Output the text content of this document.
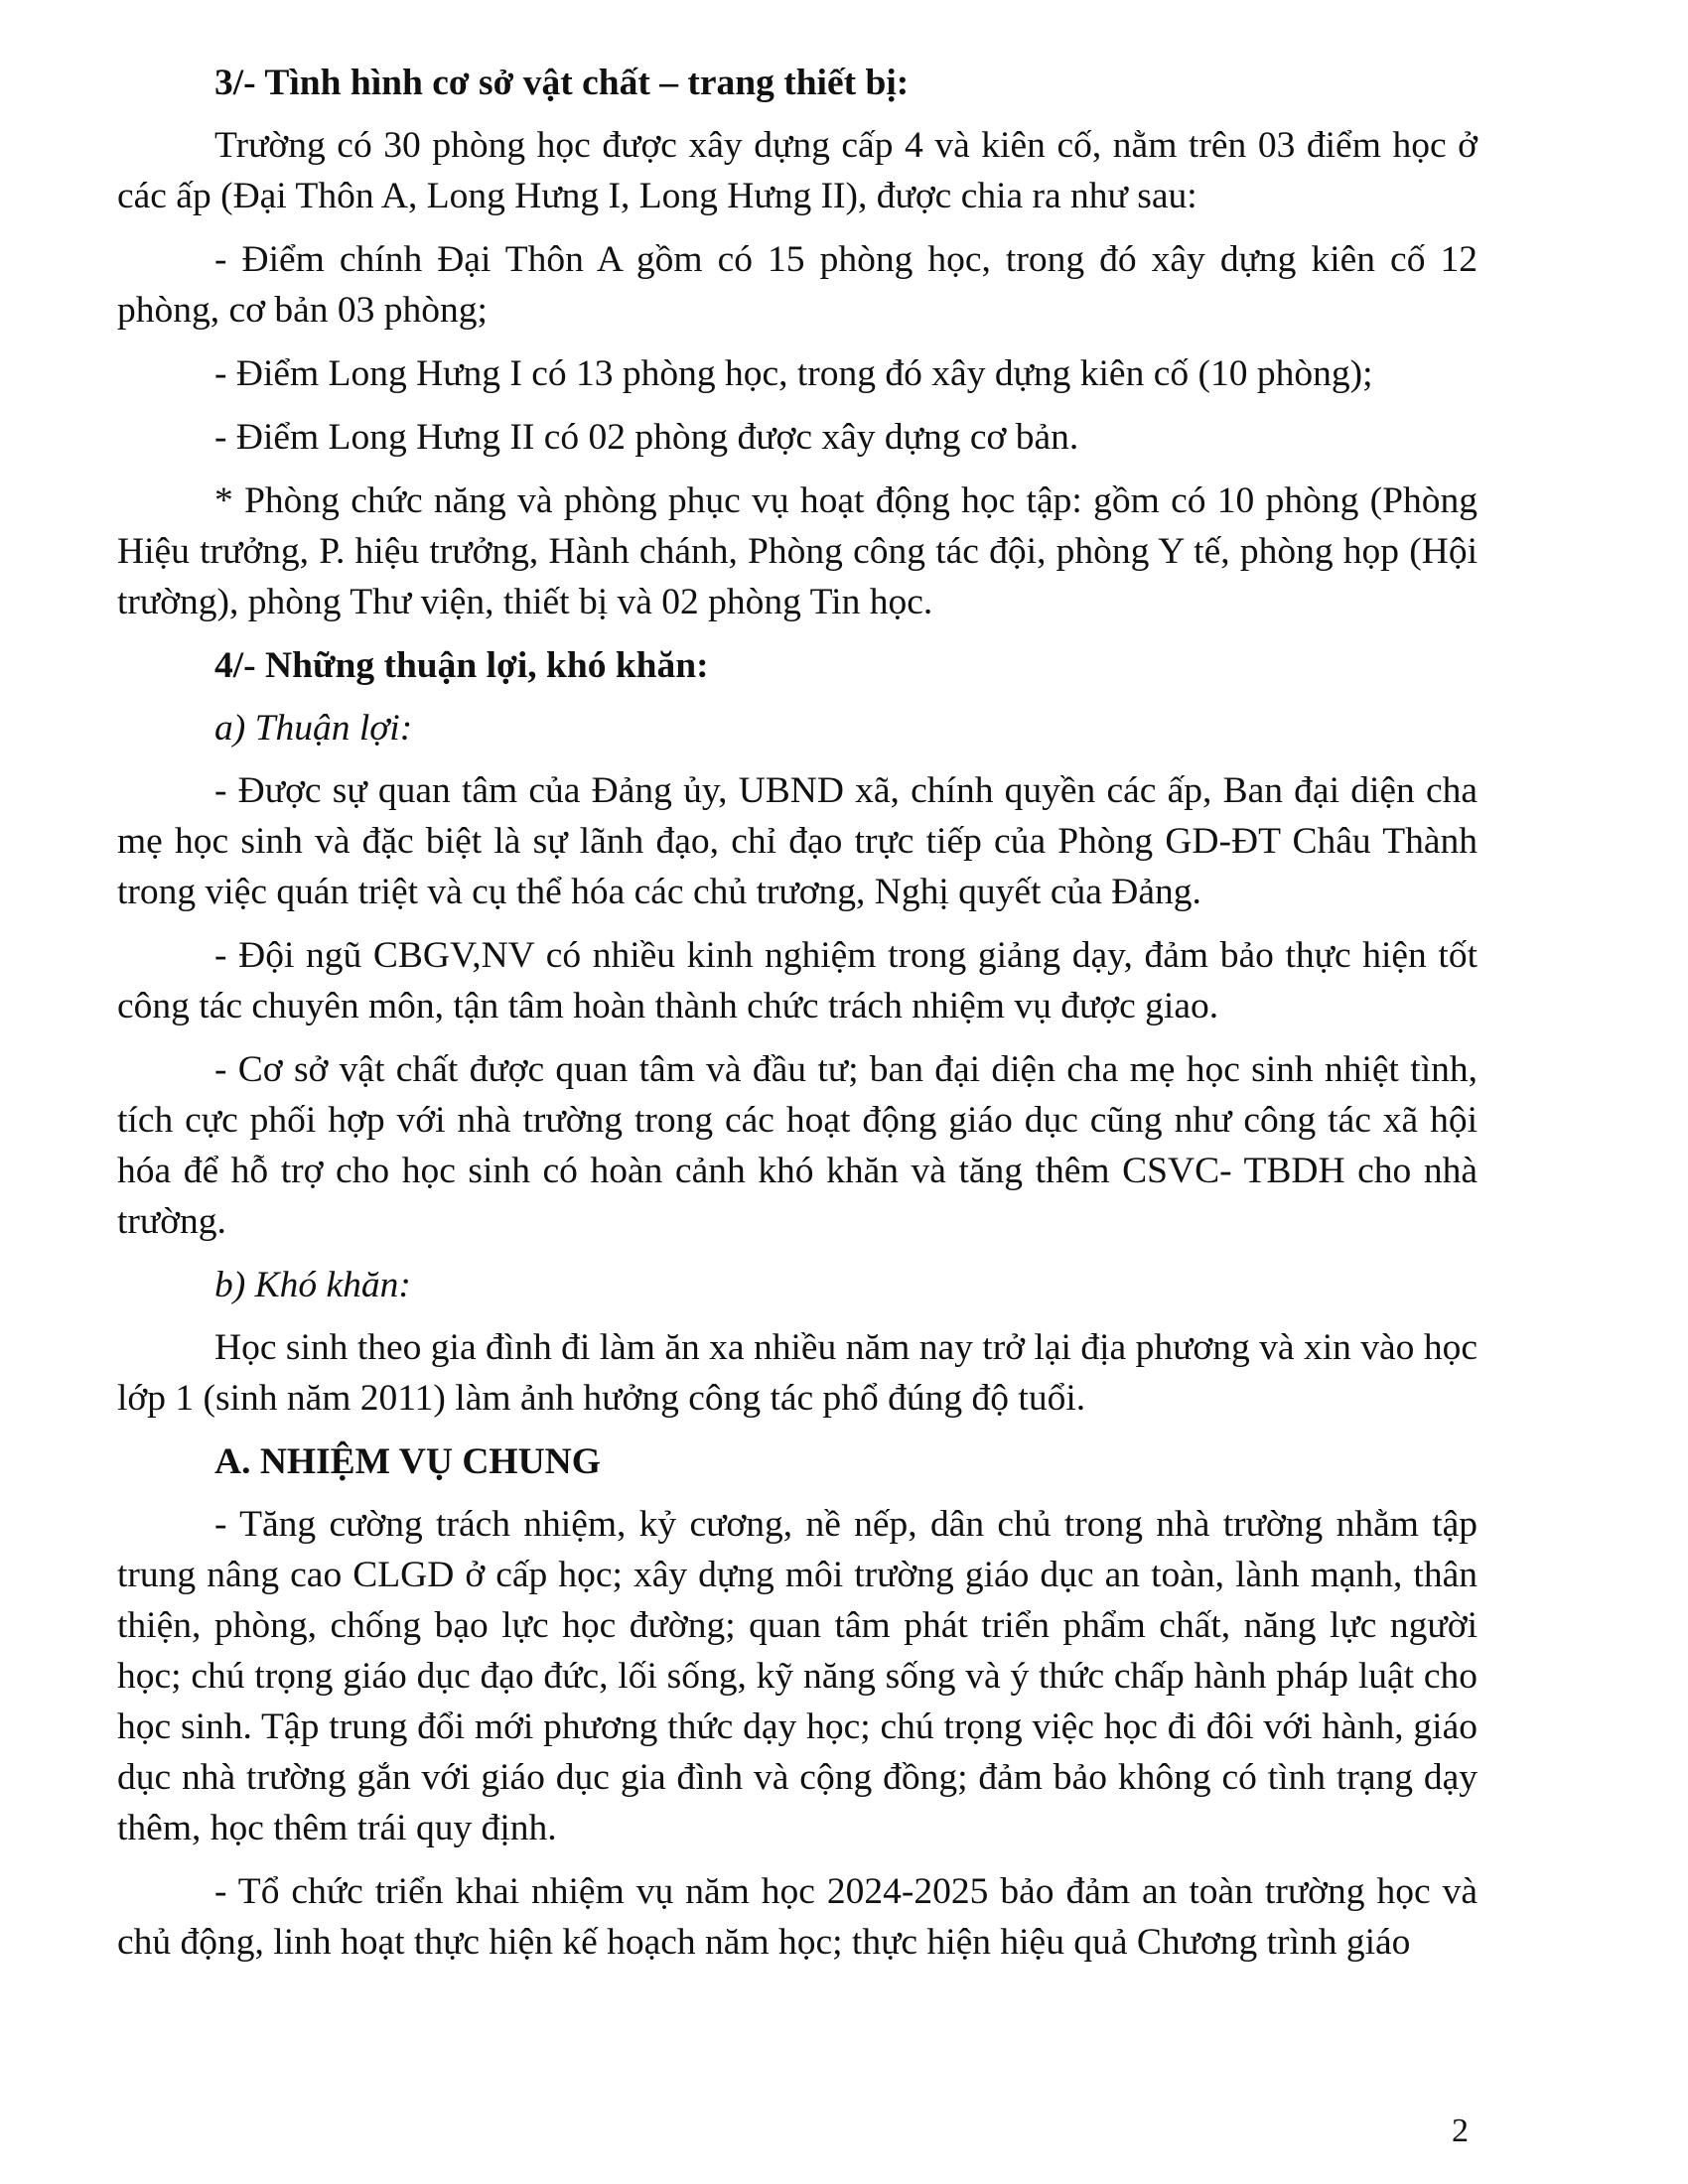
3/- Tình hình cơ sở vật chất – trang thiết bị:
Trường có 30 phòng học được xây dựng cấp 4 và kiên cố, nằm trên 03 điểm học ở các ấp (Đại Thôn A, Long Hưng I, Long Hưng II), được chia ra như sau:
- Điểm chính Đại Thôn A gồm có 15 phòng học, trong đó xây dựng kiên cố 12 phòng, cơ bản 03 phòng;
- Điểm Long Hưng I có 13 phòng học, trong đó xây dựng kiên cố (10 phòng);
- Điểm Long Hưng II có 02 phòng được xây dựng cơ bản.
* Phòng chức năng và phòng phục vụ hoạt động học tập: gồm có 10 phòng (Phòng Hiệu trưởng, P. hiệu trưởng, Hành chánh, Phòng công tác đội, phòng Y tế, phòng họp (Hội trường), phòng Thư viện, thiết bị và 02 phòng Tin học.
4/- Những thuận lợi, khó khăn:
a) Thuận lợi:
- Được sự quan tâm của Đảng ủy, UBND xã, chính quyền các ấp, Ban đại diện cha mẹ học sinh và đặc biệt là sự lãnh đạo, chỉ đạo trực tiếp của Phòng GD-ĐT Châu Thành trong việc quán triệt và cụ thể hóa các chủ trương, Nghị quyết của Đảng.
- Đội ngũ CBGV,NV có nhiều kinh nghiệm trong giảng dạy, đảm bảo thực hiện tốt công tác chuyên môn, tận tâm hoàn thành chức trách nhiệm vụ được giao.
- Cơ sở vật chất được quan tâm và đầu tư; ban đại diện cha mẹ học sinh nhiệt tình, tích cực phối hợp với nhà trường trong các hoạt động giáo dục cũng như công tác xã hội hóa để hỗ trợ cho học sinh có hoàn cảnh khó khăn và tăng thêm CSVC- TBDH cho nhà trường.
b) Khó khăn:
Học sinh theo gia đình đi làm ăn xa nhiều năm nay trở lại địa phương và xin vào học lớp 1 (sinh năm 2011) làm ảnh hưởng công tác phổ đúng độ tuổi.
A. NHIỆM VỤ CHUNG
- Tăng cường trách nhiệm, kỷ cương, nề nếp, dân chủ trong nhà trường nhằm tập trung nâng cao CLGD ở cấp học; xây dựng môi trường giáo dục an toàn, lành mạnh, thân thiện, phòng, chống bạo lực học đường; quan tâm phát triển phẩm chất, năng lực người học; chú trọng giáo dục đạo đức, lối sống, kỹ năng sống và ý thức chấp hành pháp luật cho học sinh. Tập trung đổi mới phương thức dạy học; chú trọng việc học đi đôi với hành, giáo dục nhà trường gắn với giáo dục gia đình và cộng đồng; đảm bảo không có tình trạng dạy thêm, học thêm trái quy định.
- Tổ chức triển khai nhiệm vụ năm học 2024-2025 bảo đảm an toàn trường học và chủ động, linh hoạt thực hiện kế hoạch năm học; thực hiện hiệu quả Chương trình giáo
2
